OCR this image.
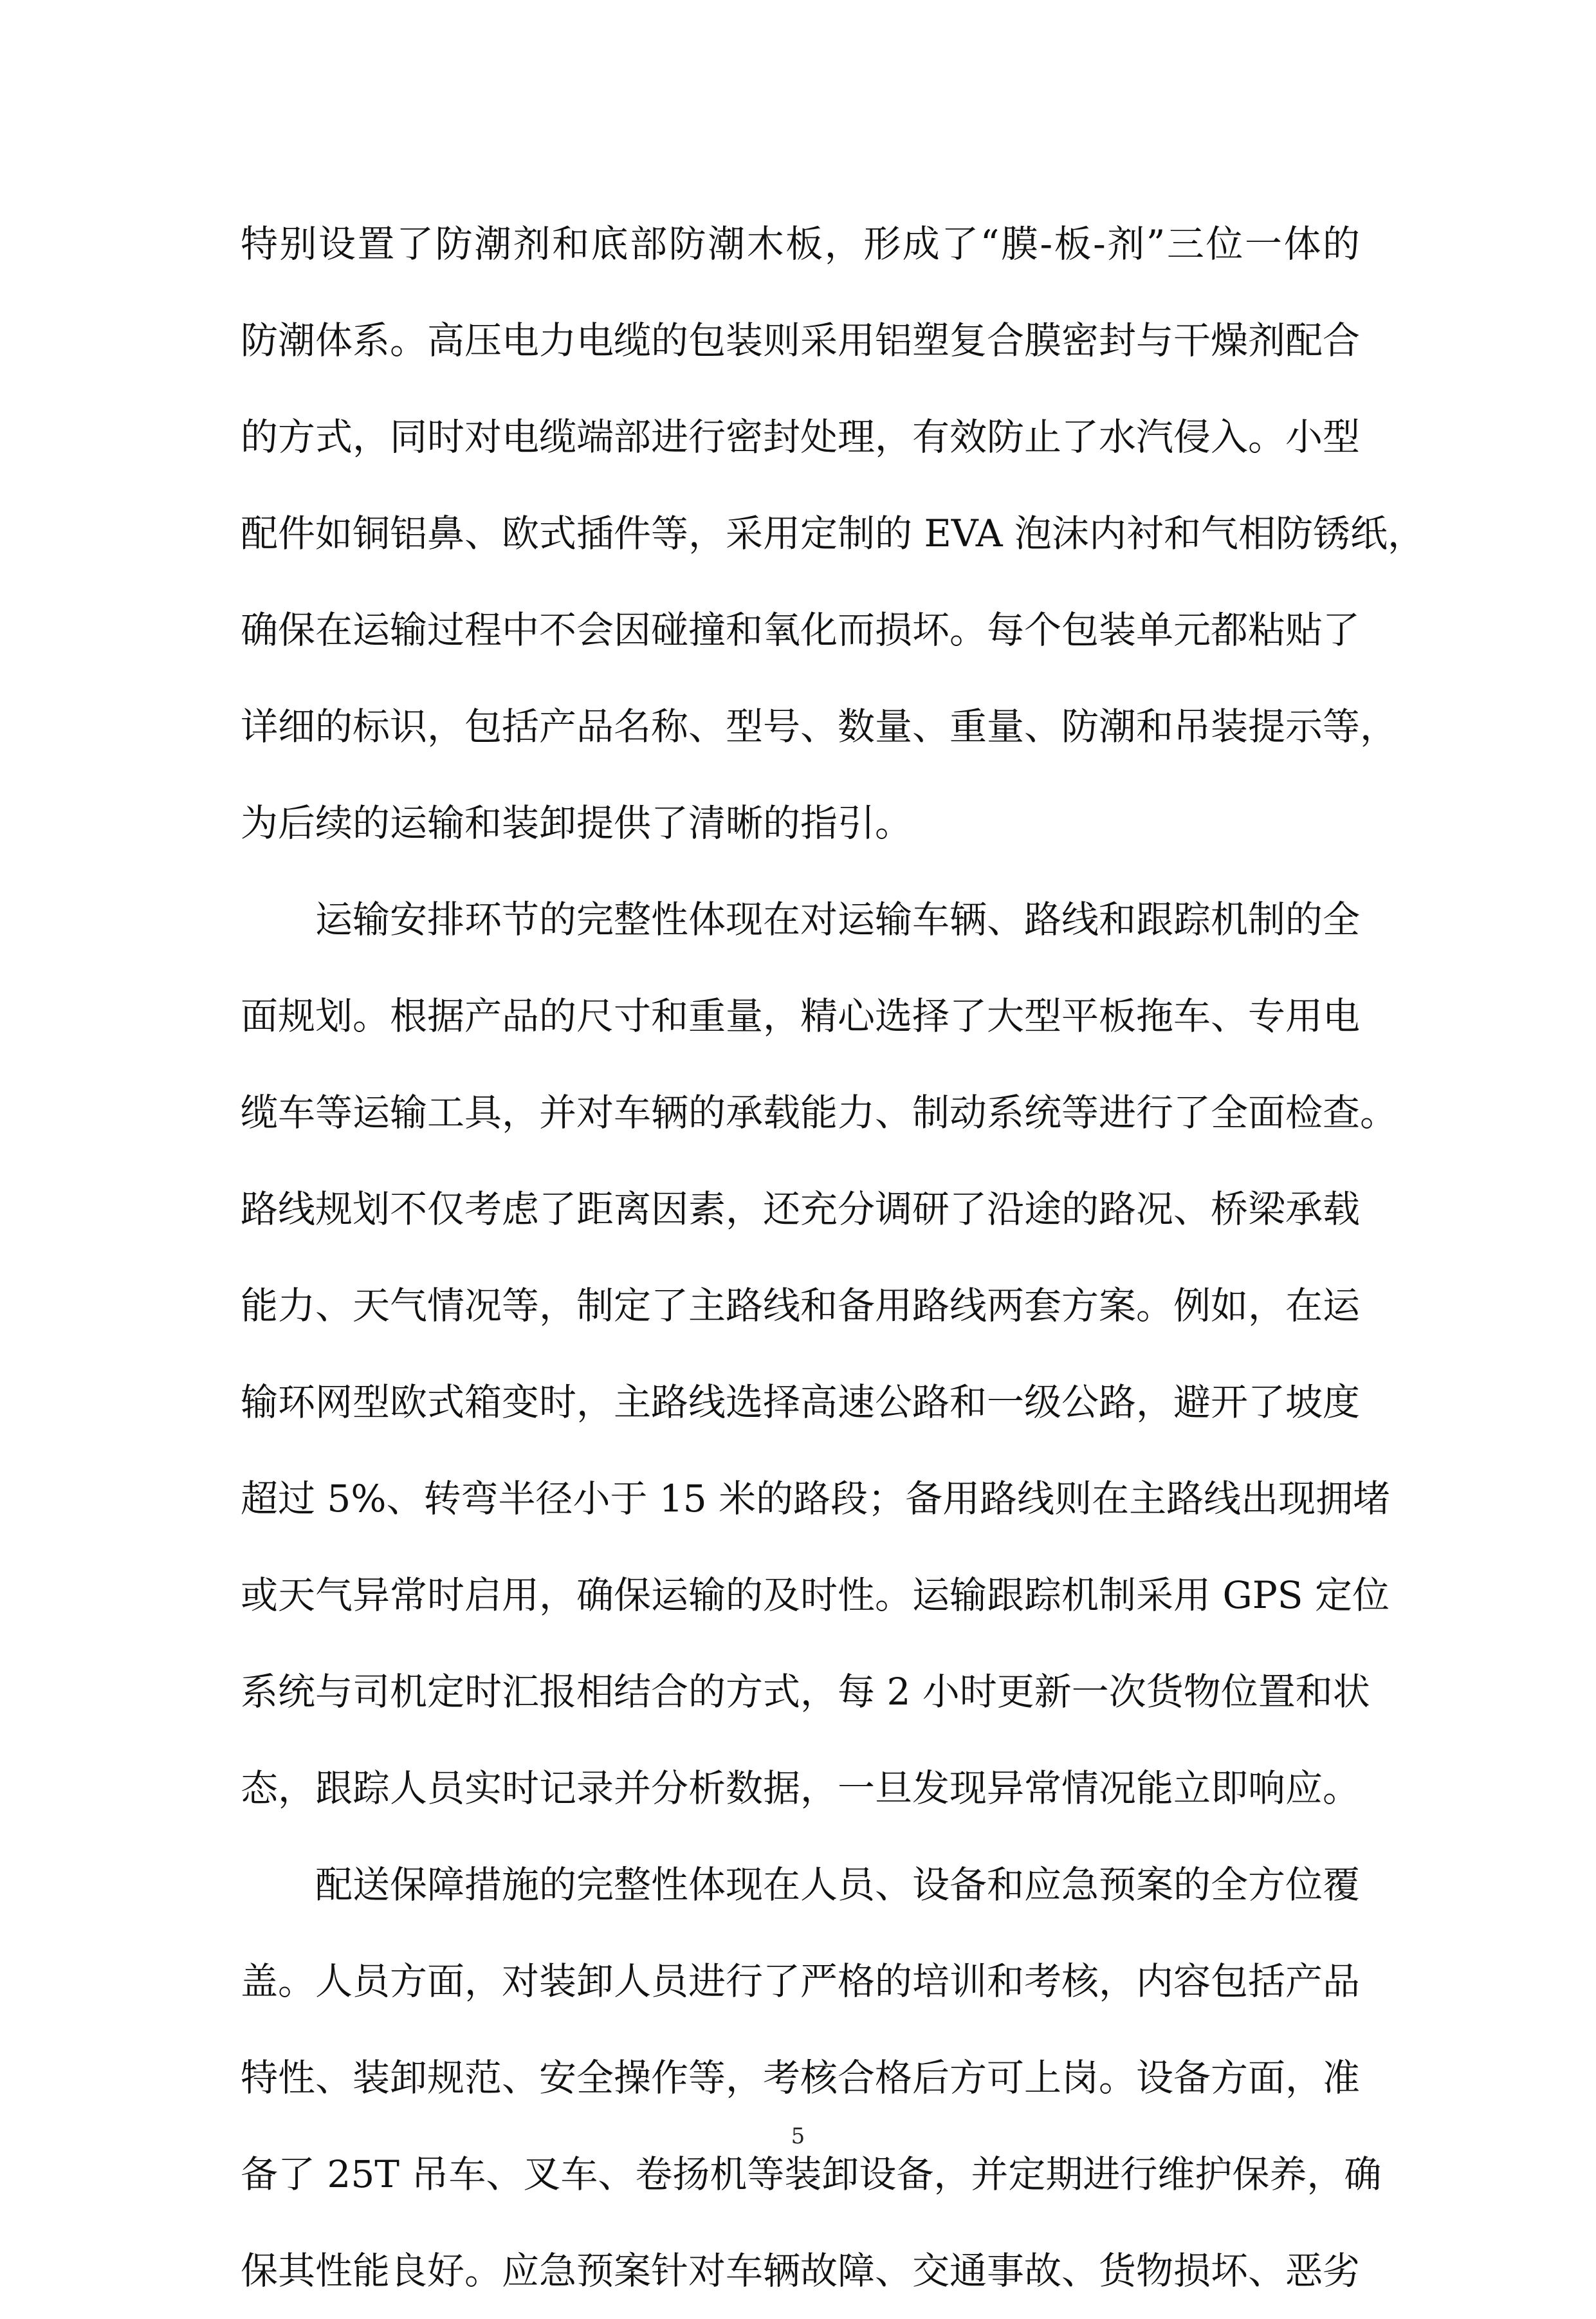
特别设置了防潮剂和底部防潮木板，形成了“膜-板-剂”三位一体的
防潮体系。高压电力电缆的包装则采用铝塑复合膜密封与干燥剂配合
的方式，同时对电缆端部进行密封处理，有效防止了水汽侵入。小型
配件如铜铝鼻、欧式插件等，采用定制的 EVA 泡沫内衬和气相防锈纸，
确保在运输过程中不会因碰撞和氧化而损坏。每个包装单元都粘贴了
详细的标识，包括产品名称、型号、数量、重量、防潮和吊装提示等，
为后续的运输和装卸提供了清晰的指引。
运输安排环节的完整性体现在对运输车辆、路线和跟踪机制的全
面规划。根据产品的尺寸和重量，精心选择了大型平板拖车、专用电
缆车等运输工具，并对车辆的承载能力、制动系统等进行了全面检查。
路线规划不仅考虑了距离因素，还充分调研了沿途的路况、桥梁承载
能力、天气情况等，制定了主路线和备用路线两套方案。例如，在运
输环网型欧式箱变时，主路线选择高速公路和一级公路，避开了坡度
超过 5%、转弯半径小于 15 米的路段；备用路线则在主路线出现拥堵
或天气异常时启用，确保运输的及时性。运输跟踪机制采用 GPS 定位
系统与司机定时汇报相结合的方式，每 2 小时更新一次货物位置和状
态，跟踪人员实时记录并分析数据，一旦发现异常情况能立即响应。
配送保障措施的完整性体现在人员、设备和应急预案的全方位覆
盖。人员方面，对装卸人员进行了严格的培训和考核，内容包括产品
特性、装卸规范、安全操作等，考核合格后方可上岗。设备方面，准
备了 25T 吊车、叉车、卷扬机等装卸设备，并定期进行维护保养，确
保其性能良好。应急预案针对车辆故障、交通事故、货物损坏、恶劣
5
